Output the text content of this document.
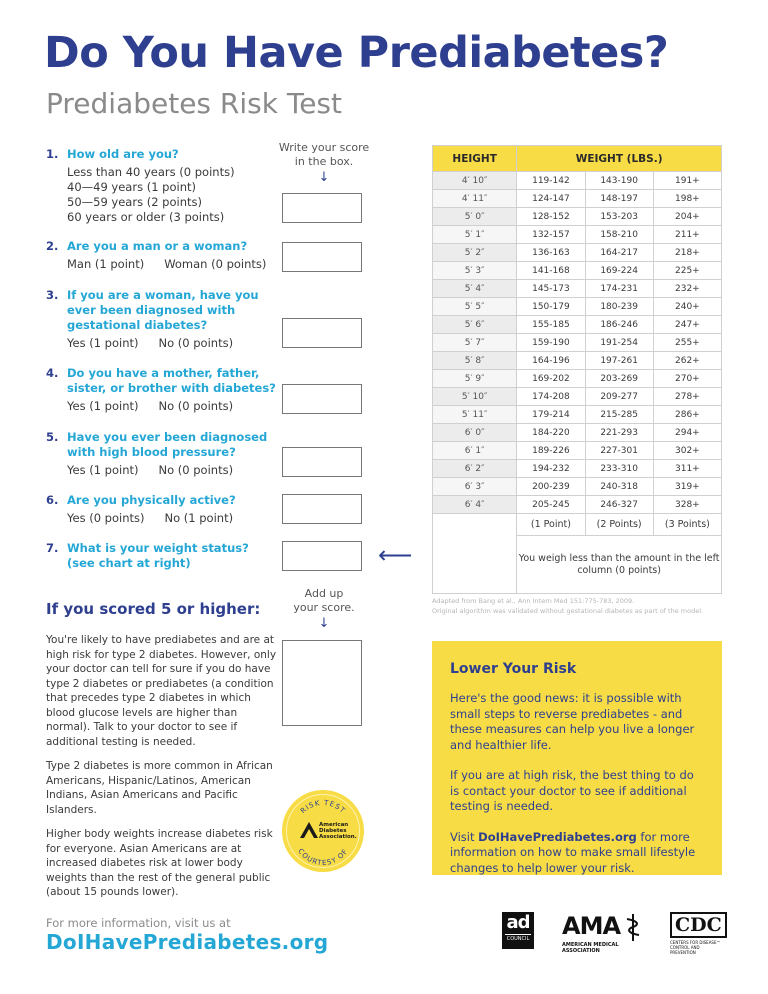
Do You Have Prediabetes?
Prediabetes Risk Test
Write your score
in the box.
↓
1. How old are you?
Less than 40 years (0 points)
40—49 years (1 point)
50—59 years (2 points)
60 years or older (3 points)
2. Are you a man or a woman?
Man (1 point) Woman (0 points)
3. If you are a woman, have you ever been diagnosed with gestational diabetes?
Yes (1 point) No (0 points)
4. Do you have a mother, father, sister, or brother with diabetes?
Yes (1 point) No (0 points)
5. Have you ever been diagnosed with high blood pressure?
Yes (1 point) No (0 points)
6. Are you physically active?
Yes (0 points) No (1 point)
7. What is your weight status? (see chart at right)	⟵
Add up
your score.
↓
If you scored 5 or higher:
You're likely to have prediabetes and are at high risk for type 2 diabetes. However, only your doctor can tell for sure if you do have type 2 diabetes or prediabetes (a condition that precedes type 2 diabetes in which blood glucose levels are higher than normal). Talk to your doctor to see if additional testing is needed.
Type 2 diabetes is more common in African Americans, Hispanic/Latinos, American Indians, Asian Americans and Pacific Islanders.
Higher body weights increase diabetes risk for everyone. Asian Americans are at increased diabetes risk at lower body weights than the rest of the general public (about 15 pounds lower).
RISK TEST
COURTESY OF
American
Diabetes
Association.
For more information, visit us at
DoIHavePrediabetes.org
HEIGHT	WEIGHT (LBS.)		
4′ 10″	119-142	143-190	191+
4′ 11″	124-147	148-197	198+
5′ 0″	128-152	153-203	204+
5′ 1″	132-157	158-210	211+
5′ 2″	136-163	164-217	218+
5′ 3″	141-168	169-224	225+
5′ 4″	145-173	174-231	232+
5′ 5″	150-179	180-239	240+
5′ 6″	155-185	186-246	247+
5′ 7″	159-190	191-254	255+
5′ 8″	164-196	197-261	262+
5′ 9″	169-202	203-269	270+
5′ 10″	174-208	209-277	278+
5′ 11″	179-214	215-285	286+
6′ 0″	184-220	221-293	294+
6′ 1″	189-226	227-301	302+
6′ 2″	194-232	233-310	311+
6′ 3″	200-239	240-318	319+
6′ 4″	205-245	246-327	328+
	(1 Point)	(2 Points)	(3 Points)
	You weigh less than the amount in the left column (0 points)		
Adapted from Bang et al., Ann Intern Med 151:775-783, 2009.
Original algorithm was validated without gestational diabetes as part of the model.
Lower Your Risk

Here's the good news: it is possible with small steps to reverse prediabetes - and these measures can help you live a longer and healthier life.

If you are at high risk, the best thing to do is contact your doctor to see if additional testing is needed.

Visit DoIHavePrediabetes.org for more information on how to make small lifestyle changes to help lower your risk.

ad
COUNCIL AMA
AMERICAN MEDICAL
ASSOCIATION
CDC
CENTERS FOR DISEASE™
CONTROL AND PREVENTION
